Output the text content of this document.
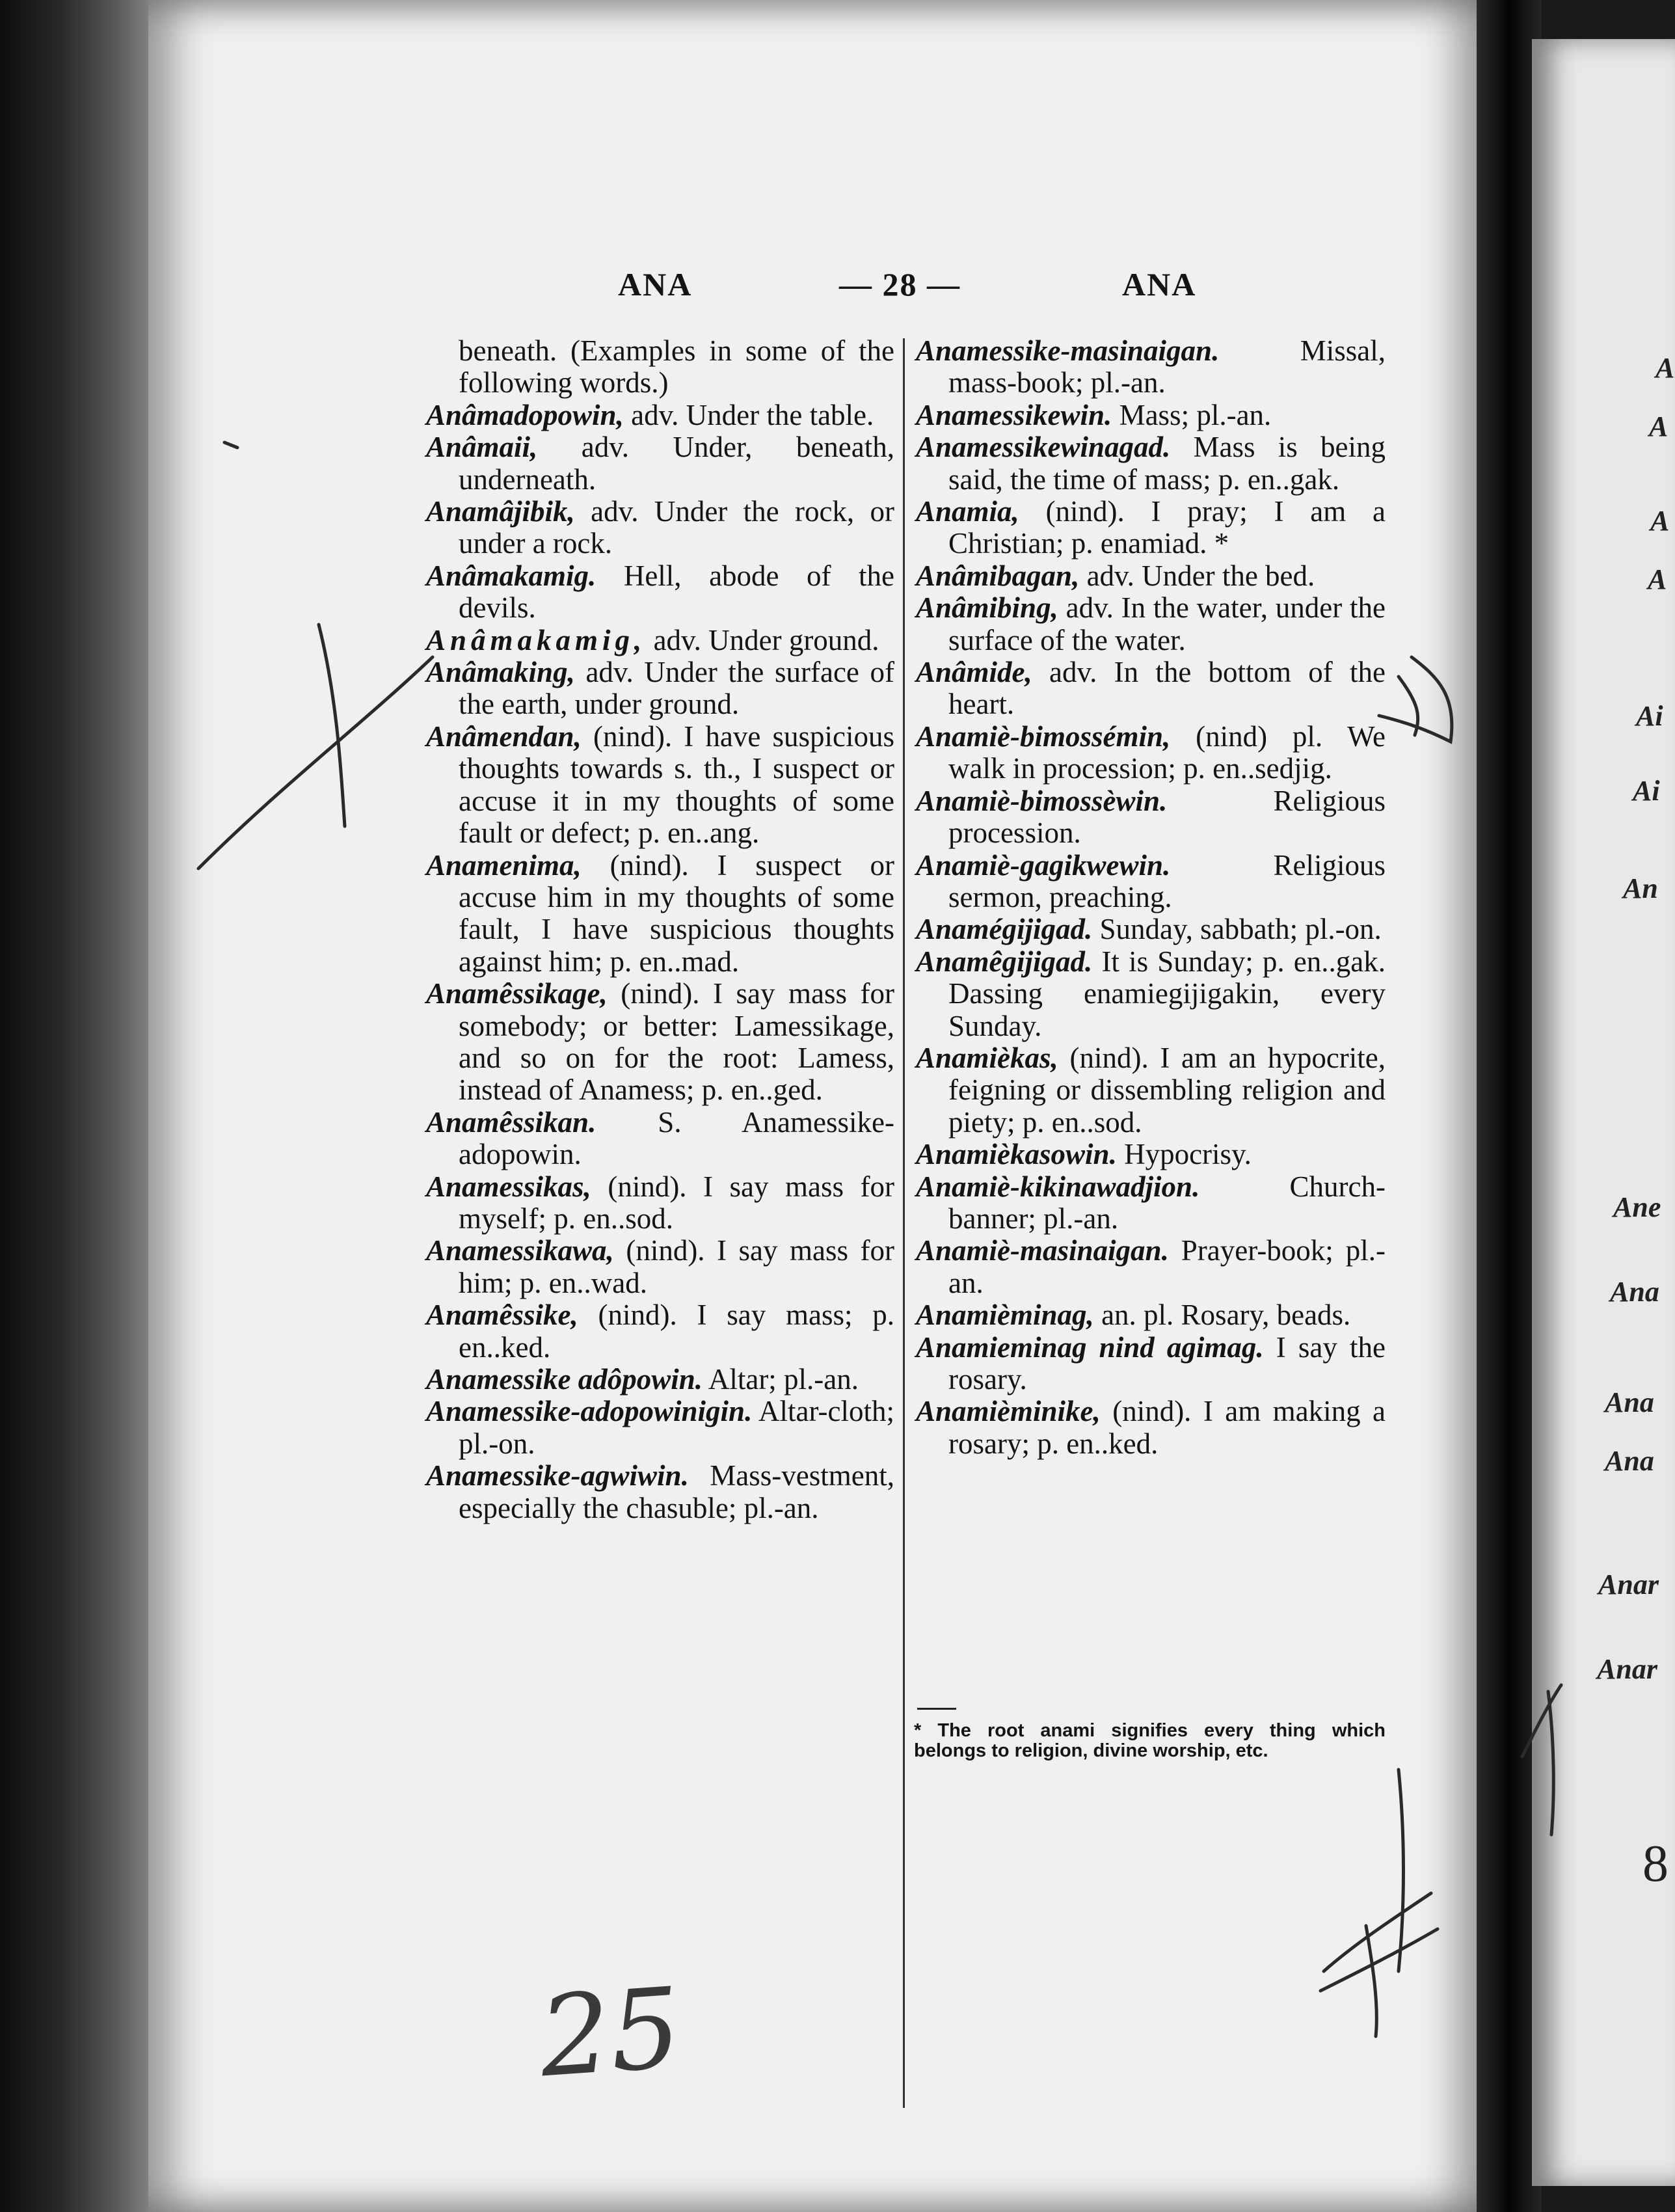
A
A
A
A
Ai
Ai
An
Ane
Ana
Ana
Ana
Anar
Anar
8
ANA	— 28 —	ANA

beneath. (Examples in some of the following words.)

Anâmadopowin, adv. Under the table.

Anâmaii, adv. Under, beneath, underneath.

Anamâjibik, adv. Under the rock, or under a rock.

Anâmakamig. Hell, abode of the devils.

Anâmakamig, adv. Under ground.

Anâmaking, adv. Under the surface of the earth, under ground.

Anâmendan, (nind). I have suspicious thoughts towards s. th., I suspect or accuse it in my thoughts of some fault or defect; p. en..ang.

Anamenima, (nind). I suspect or accuse him in my thoughts of some fault, I have suspicious thoughts against him; p. en..mad.

Anamêssikage, (nind). I say mass for somebody; or better: Lamessikage, and so on for the root: Lamess, instead of Anamess; p. en..ged.

Anamêssikan. S. Anamessike-adopowin.

Anamessikas, (nind). I say mass for myself; p. en..sod.

Anamessikawa, (nind). I say mass for him; p. en..wad.

Anamêssike, (nind). I say mass; p. en..ked.

Anamessike adôpowin. Altar; pl.-an.

Anamessike-adopowinigin. Altar-cloth; pl.-on.

Anamessike-agwiwin. Mass-vestment, especially the chasuble; pl.-an.

Anamessike-masinaigan.	Missal, mass-book; pl.-an.

Anamessikewin. Mass; pl.-an.

Anamessikewinagad. Mass is being said, the time of mass; p. en..gak.

Anamia, (nind). I pray; I am a Christian; p. enamiad. *

Anâmibagan, adv. Under the bed.

Anâmibing, adv. In the water, under the surface of the water.

Anâmide, adv. In the bottom of the heart.

Anamiè-bimossémin, (nind) pl. We walk in procession; p. en..sedjig.

Anamiè-bimossèwin.	Religious procession.

Anamiè-gagikwewin.	Religious sermon, preaching.

Anamégijigad. Sunday, sabbath; pl.-on.

Anamêgijigad. It is Sunday; p. en..gak. Dassing enamiegijigakin, every Sunday.

Anamièkas, (nind). I am an hypocrite, feigning or dissembling religion and piety; p. en..sod.

Anamièkasowin. Hypocrisy.

Anamiè-kikinawadjion.	Church-banner; pl.-an.

Anamiè-masinaigan. Prayer-book; pl.-an.

Anamièminag, an. pl. Rosary, beads.

Anamieminag nind agimag. I say the rosary.

Anamièminike, (nind). I am making a rosary; p. en..ked.

* The root anami signifies every thing which belongs to religion, divine worship, etc.
25
